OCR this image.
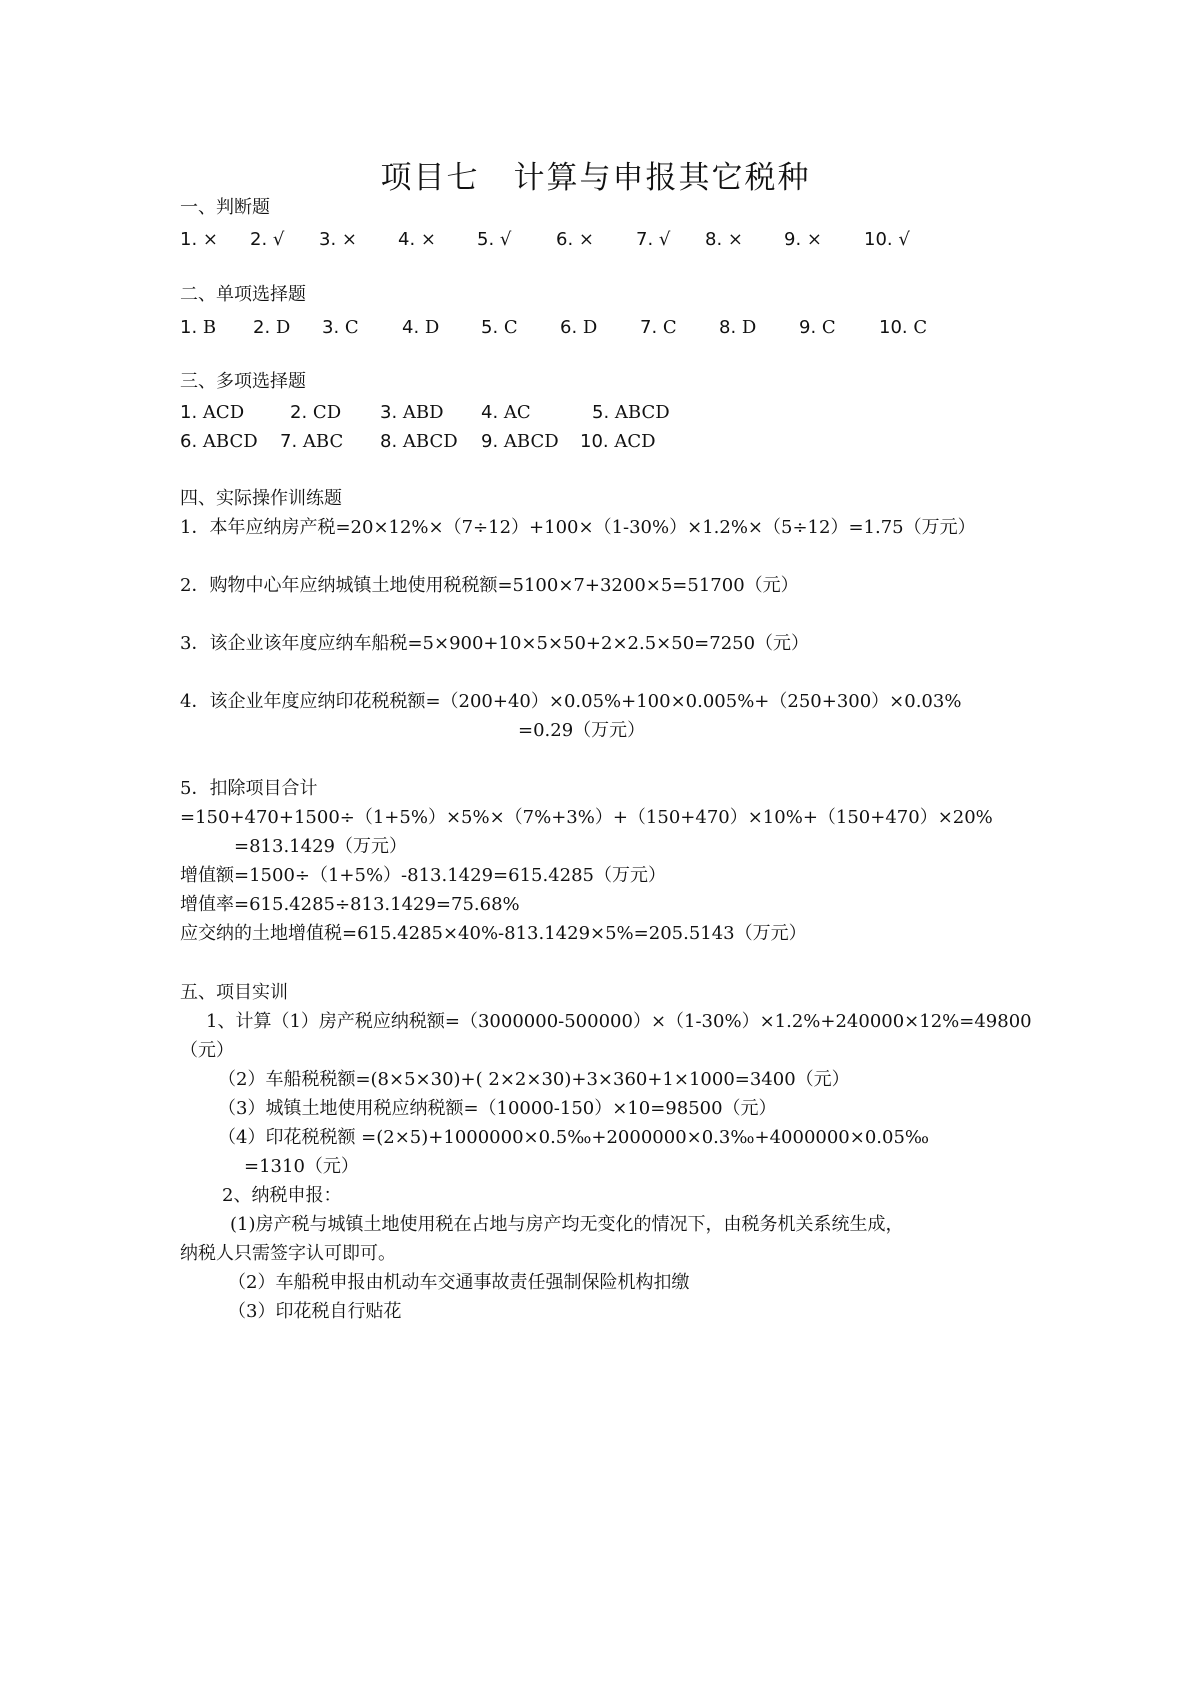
项目七 计算与申报其它税种
一、判断题
1. × 2. √ 3. × 4. × 5. √ 6. × 7. √ 8. × 9. × 10. √
二、单项选择题
1. B 2. D 3. C 4. D 5. C 6. D 7. C 8. D 9. C 10. C
三、多项选择题
1. ACD	2. CD 3. ABD 4. AC	5. ABCD
6. ABCD 7. ABC 8. ABCD 9. ABCD 10. ACD
四、实际操作训练题
1．本年应纳房产税=20×12%×（7÷12）+100×（1-30%）×1.2%×（5÷12）=1.75（万元）
2．购物中心年应纳城镇土地使用税税额=5100×7+3200×5=51700（元）
3．该企业该年度应纳车船税=5×900+10×5×50+2×2.5×50=7250（元）
4．该企业年度应纳印花税税额=（200+40）×0.05%+100×0.005%+（250+300）×0.03%
=0.29（万元）
5．扣除项目合计
=150+470+1500÷（1+5%）×5%×（7%+3%）+（150+470）×10%+（150+470）×20%
=813.1429（万元）
增值额=1500÷（1+5%）-813.1429=615.4285（万元）
增值率=615.4285÷813.1429=75.68%
应交纳的土地增值税=615.4285×40%-813.1429×5%=205.5143（万元）
五、项目实训
1、计算（1）房产税应纳税额=（3000000-500000）×（1-30%）×1.2%+240000×12%=49800
（元）
（2）车船税税额=(8×5×30)+( 2×2×30)+3×360+1×1000=3400（元）
（3）城镇土地使用税应纳税额=（10000-150）×10=98500（元）
（4）印花税税额 =(2×5)+1000000×0.5‰+2000000×0.3‰+4000000×0.05‰
=1310（元）
2、纳税申报：
(1)房产税与城镇土地使用税在占地与房产均无变化的情况下，由税务机关系统生成，
纳税人只需签字认可即可。
（2）车船税申报由机动车交通事故责任强制保险机构扣缴
（3）印花税自行贴花
